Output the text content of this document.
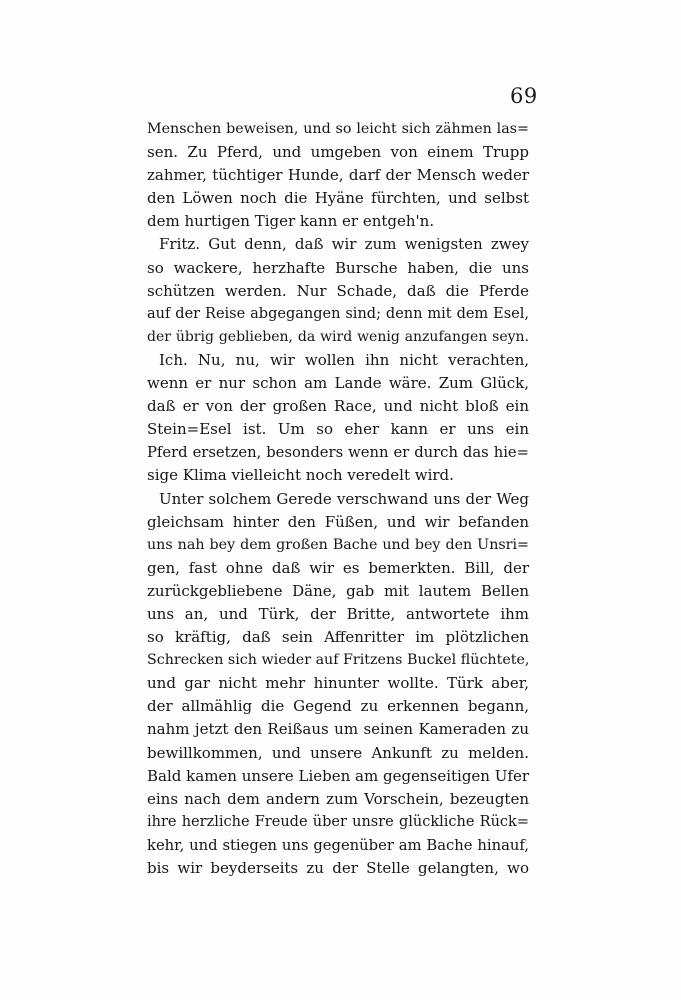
69
Menschen beweisen, und so leicht sich zähmen las=
sen. Zu Pferd, und umgeben von einem Trupp
zahmer, tüchtiger Hunde, darf der Mensch weder
den Löwen noch die Hyäne fürchten, und selbst
dem hurtigen Tiger kann er entgeh'n.
Fritz. Gut denn, daß wir zum wenigsten zwey
so wackere, herzhafte Bursche haben, die uns
schützen werden. Nur Schade, daß die Pferde
auf der Reise abgegangen sind; denn mit dem Esel,
der übrig geblieben, da wird wenig anzufangen seyn.
Ich. Nu, nu, wir wollen ihn nicht verachten,
wenn er nur schon am Lande wäre. Zum Glück,
daß er von der großen Race, und nicht bloß ein
Stein=Esel ist. Um so eher kann er uns ein
Pferd ersetzen, besonders wenn er durch das hie=
sige Klima vielleicht noch veredelt wird.
Unter solchem Gerede verschwand uns der Weg
gleichsam hinter den Füßen, und wir befanden
uns nah bey dem großen Bache und bey den Unsri=
gen, fast ohne daß wir es bemerkten. Bill, der
zurückgebliebene Däne, gab mit lautem Bellen
uns an, und Türk, der Britte, antwortete ihm
so kräftig, daß sein Affenritter im plötzlichen
Schrecken sich wieder auf Fritzens Buckel flüchtete,
und gar nicht mehr hinunter wollte. Türk aber,
der allmählig die Gegend zu erkennen begann,
nahm jetzt den Reißaus um seinen Kameraden zu
bewillkommen, und unsere Ankunft zu melden.
Bald kamen unsere Lieben am gegenseitigen Ufer
eins nach dem andern zum Vorschein, bezeugten
ihre herzliche Freude über unsre glückliche Rück=
kehr, und stiegen uns gegenüber am Bache hinauf,
bis wir beyderseits zu der Stelle gelangten, wo
